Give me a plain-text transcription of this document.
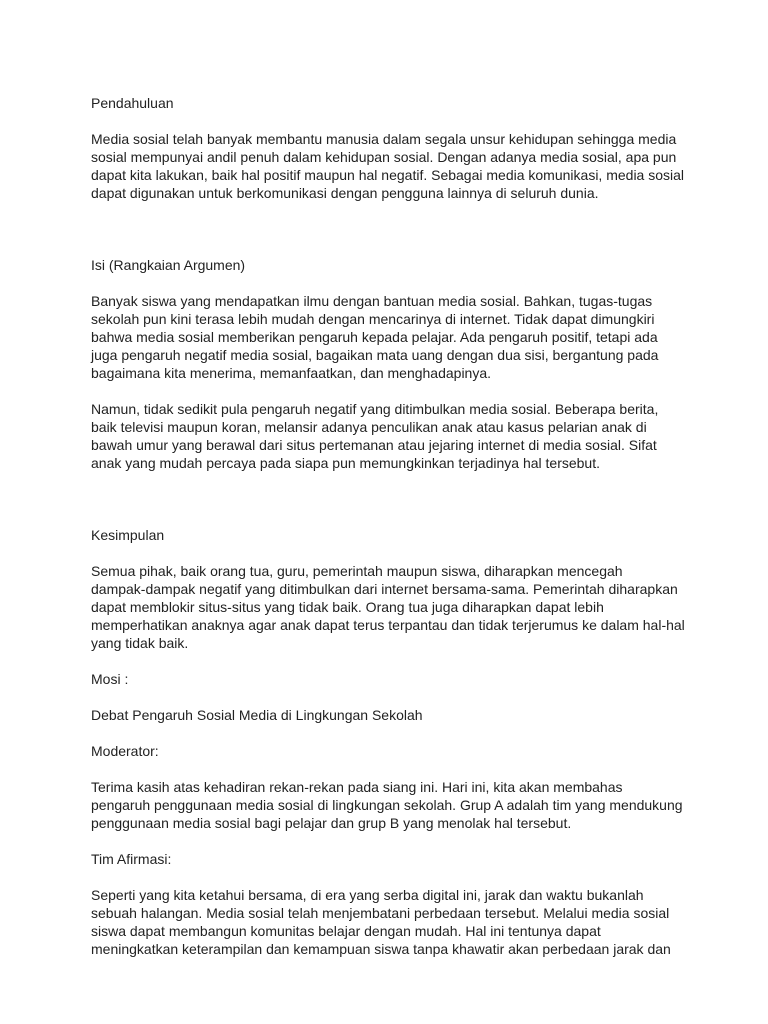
Pendahuluan

Media sosial telah banyak membantu manusia dalam segala unsur kehidupan sehingga media
sosial mempunyai andil penuh dalam kehidupan sosial. Dengan adanya media sosial, apa pun
dapat kita lakukan, baik hal positif maupun hal negatif. Sebagai media komunikasi, media sosial
dapat digunakan untuk berkomunikasi dengan pengguna lainnya di seluruh dunia.

Isi (Rangkaian Argumen)

Banyak siswa yang mendapatkan ilmu dengan bantuan media sosial. Bahkan, tugas-tugas
sekolah pun kini terasa lebih mudah dengan mencarinya di internet. Tidak dapat dimungkiri
bahwa media sosial memberikan pengaruh kepada pelajar. Ada pengaruh positif, tetapi ada
juga pengaruh negatif media sosial, bagaikan mata uang dengan dua sisi, bergantung pada
bagaimana kita menerima, memanfaatkan, dan menghadapinya.

Namun, tidak sedikit pula pengaruh negatif yang ditimbulkan media sosial. Beberapa berita,
baik televisi maupun koran, melansir adanya penculikan anak atau kasus pelarian anak di
bawah umur yang berawal dari situs pertemanan atau jejaring internet di media sosial. Sifat
anak yang mudah percaya pada siapa pun memungkinkan terjadinya hal tersebut.

Kesimpulan

Semua pihak, baik orang tua, guru, pemerintah maupun siswa, diharapkan mencegah
dampak-dampak negatif yang ditimbulkan dari internet bersama-sama. Pemerintah diharapkan
dapat memblokir situs-situs yang tidak baik. Orang tua juga diharapkan dapat lebih
memperhatikan anaknya agar anak dapat terus terpantau dan tidak terjerumus ke dalam hal-hal
yang tidak baik.

Mosi :

Debat Pengaruh Sosial Media di Lingkungan Sekolah

Moderator:

Terima kasih atas kehadiran rekan-rekan pada siang ini. Hari ini, kita akan membahas
pengaruh penggunaan media sosial di lingkungan sekolah. Grup A adalah tim yang mendukung
penggunaan media sosial bagi pelajar dan grup B yang menolak hal tersebut.

Tim Afirmasi:

Seperti yang kita ketahui bersama, di era yang serba digital ini, jarak dan waktu bukanlah
sebuah halangan. Media sosial telah menjembatani perbedaan tersebut. Melalui media sosial
siswa dapat membangun komunitas belajar dengan mudah. Hal ini tentunya dapat
meningkatkan keterampilan dan kemampuan siswa tanpa khawatir akan perbedaan jarak dan
